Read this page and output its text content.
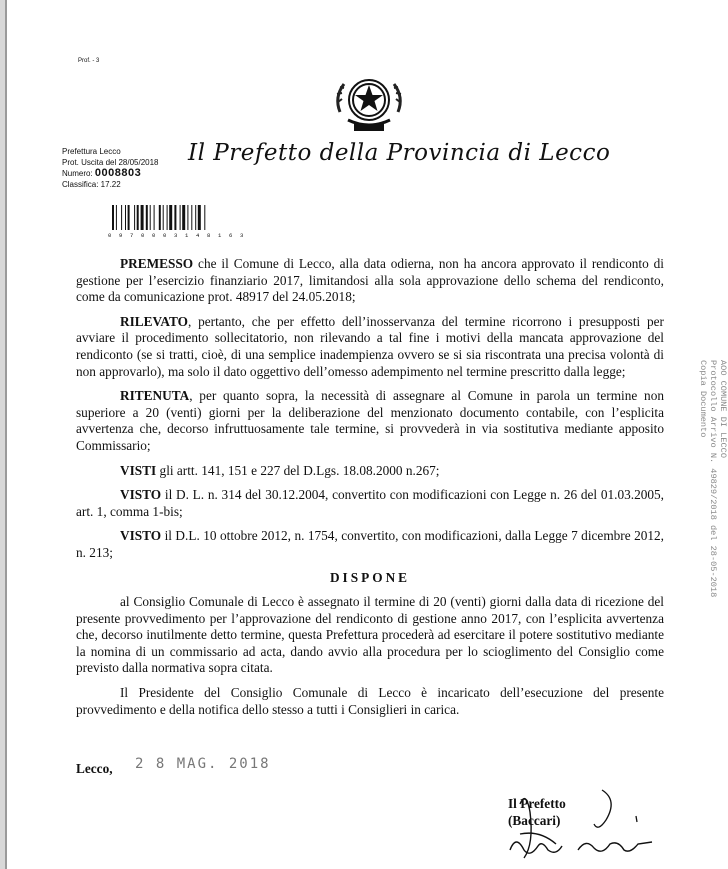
Prof. - 3
Il Prefetto della Provincia di Lecco
Prefettura Lecco
Prot. Uscita del 28/05/2018
Numero: 0008803
Classifica: 17.22
0 9 7 0 0 0 3 1 4 8 1 6 3

PREMESSO che il Comune di Lecco, alla data odierna, non ha ancora approvato il rendiconto di gestione per l’esercizio finanziario 2017, limitandosi alla sola approvazione dello schema del rendiconto, come da comunicazione prot. 48917 del 24.05.2018;

RILEVATO, pertanto, che per effetto dell’inosservanza del termine ricorrono i presupposti per avviare il procedimento sollecitatorio, non rilevando a tal fine i motivi della mancata approvazione del rendiconto (se si tratti, cioè, di una semplice inadempienza ovvero se si sia riscontrata una precisa volontà di non approvarlo), ma solo il dato oggettivo dell’omesso adempimento nel termine prescritto dalla legge;

RITENUTA, per quanto sopra, la necessità di assegnare al Comune in parola un termine non superiore a 20 (venti) giorni per la deliberazione del menzionato documento contabile, con l’esplicita avvertenza che, decorso infruttuosamente tale termine, si provvederà in via sostitutiva mediante apposito Commissario;

VISTI gli artt. 141, 151 e 227 del D.Lgs. 18.08.2000 n.267;

VISTO il D. L. n. 314 del 30.12.2004, convertito con modificazioni con Legge n. 26 del 01.03.2005, art. 1, comma 1-bis;

VISTO il D.L. 10 ottobre 2012, n. 1754, convertito, con modificazioni, dalla Legge 7 dicembre 2012, n. 213;

DISPONE

al Consiglio Comunale di Lecco è assegnato il termine di 20 (venti) giorni dalla data di ricezione del presente provvedimento per l’approvazione del rendiconto di gestione anno 2017, con l’esplicita avvertenza che, decorso inutilmente detto termine, questa Prefettura procederà ad esercitare il potere sostitutivo mediante la nomina di un commissario ad acta, dando avvio alla procedura per lo scioglimento del Consiglio come previsto dalla normativa sopra citata.

Il Presidente del Consiglio Comunale di Lecco è incaricato dell’esecuzione del presente provvedimento e della notifica dello stesso a tutti i Consiglieri in carica.

AOO COMUNE DI LECCO
Protocollo Arrivo N. 49829/2018 del 28-05-2018
Copia Documento
Lecco, 2 8 MAG. 2018
Il Prefetto
(Baccari)
